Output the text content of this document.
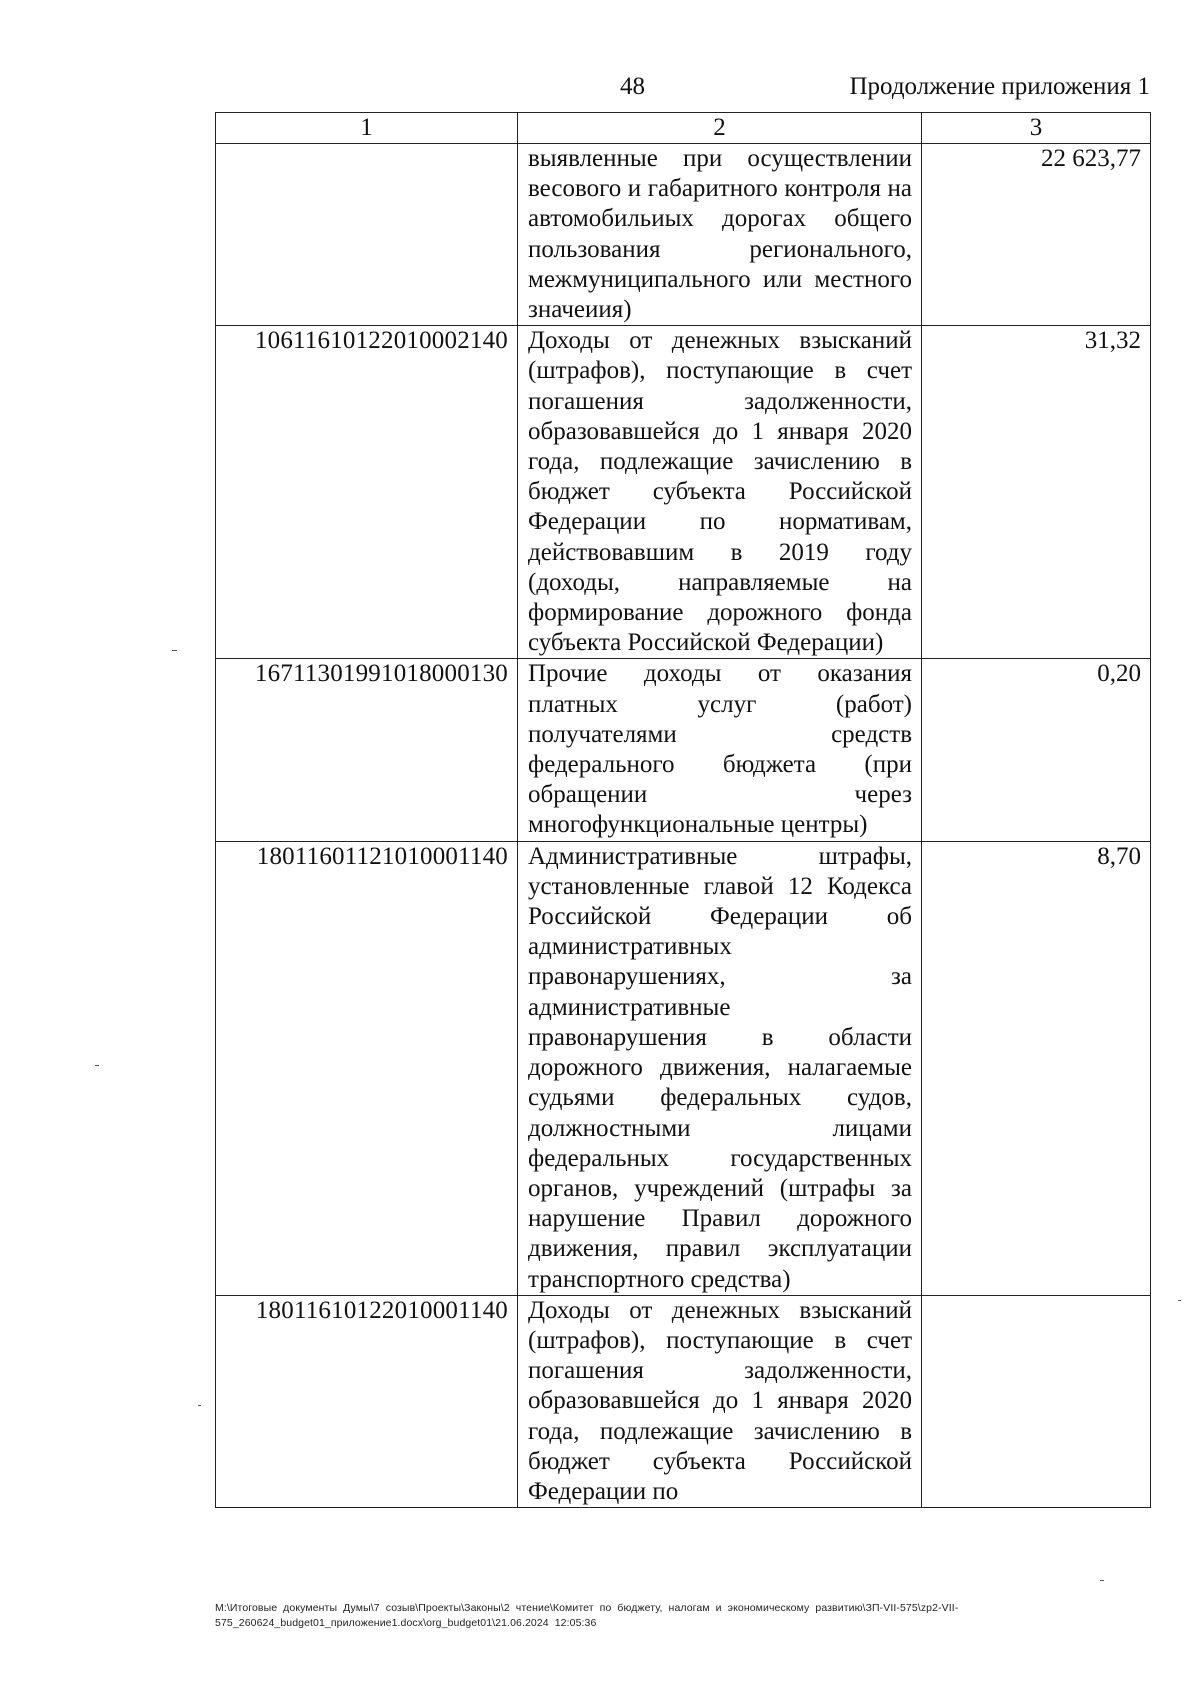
48	Продолжение приложения 1
1	2	3
	выявленные при осуществлении весового и габаритного контроля на автомобильиых дорогах общего пользования регионального, межмуниципального или местного значеиия)	22 623,77
10611610122010002140	Доходы от денежных взысканий (штрафов), поступающие в счет погашения задолженности, образовавшейся до 1 января 2020 года, подлежащие зачислению в бюджет субъекта Российской Федерации по нормативам, действовавшим в 2019 году (доходы, направляемые на формирование дорожного фонда субъекта Российской Федерации)	31,32
16711301991018000130	Прочие доходы от оказания платных услуг (работ) получателями средств федерального бюджета (при обращении через многофункциональные центры)	0,20
18011601121010001140	Административные штрафы, установленные главой 12 Кодекса Российской Федерации об административных правонарушениях, за административные правонарушения в области дорожного движения, налагаемые судьями федеральных судов, должностными лицами федеральных государственных органов, учреждений (штрафы за нарушение Правил дорожного движения, правил эксплуатации транспортного средства)	8,70
18011610122010001140	Доходы от денежных взысканий (штрафов), поступающие в счет погашения задолженности, образовавшейся до 1 января 2020 года, подлежащие зачислению в бюджет субъекта Российской Федерации по	
M:\Итоговые документы Думы\7 созыв\Проекты\Законы\2 чтение\Комитет по бюджету, налогам и экономическому развитию\ЗП-VII-575\zp2-VII-575_260624_budget01_приложение1.docx\org_budget01\21.06.2024 12:05:36
